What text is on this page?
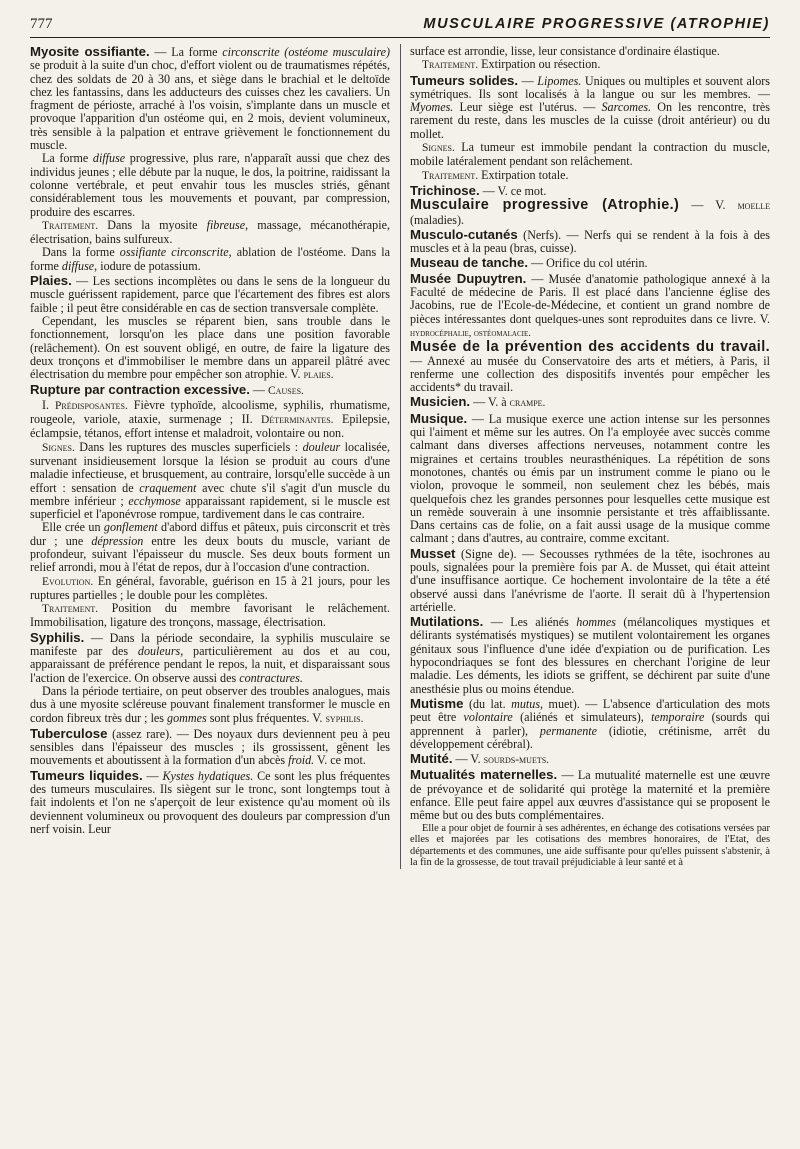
777	MUSCULAIRE PROGRESSIVE (ATROPHIE)

Myosite ossifiante. — La forme circonscrite (ostéome musculaire) se produit à la suite d'un choc, d'effort violent ou de traumatismes répétés, chez des soldats de 20 à 30 ans, et siège dans le brachial et le deltoïde chez les fantassins, dans les adducteurs des cuisses chez les cavaliers. Un fragment de périoste, arraché à l'os voisin, s'implante dans un muscle et provoque l'apparition d'un ostéome qui, en 2 mois, devient volumineux, très sensible à la palpation et entrave grièvement le fonctionnement du muscle.

La forme diffuse progressive, plus rare, n'apparaît aussi que chez des individus jeunes ; elle débute par la nuque, le dos, la poitrine, raidissant la colonne vertébrale, et peut envahir tous les muscles striés, gênant considérablement tous les mouvements et pouvant, par compression, produire des escarres.

Traitement. Dans la myosite fibreuse, massage, mécanothérapie, électrisation, bains sulfureux.

Dans la forme ossifiante circonscrite, ablation de l'ostéome. Dans la forme diffuse, iodure de potassium.

Plaies. — Les sections incomplètes ou dans le sens de la longueur du muscle guérissent rapidement, parce que l'écartement des fibres est alors faible ; il peut être considérable en cas de section transversale complète.

Cependant, les muscles se réparent bien, sans trouble dans le fonctionnement, lorsqu'on les place dans une position favorable (relâchement). On est souvent obligé, en outre, de faire la ligature des deux tronçons et d'immobiliser le membre dans un appareil plâtré avec électrisation du membre pour empêcher son atrophie. V. plaies.

Rupture par contraction excessive. — Causes.

I. Prédisposantes. Fièvre typhoïde, alcoolisme, syphilis, rhumatisme, rougeole, variole, ataxie, surmenage ; II. Déterminantes. Epilepsie, éclampsie, tétanos, effort intense et maladroit, volontaire ou non.

Signes. Dans les ruptures des muscles superficiels : douleur localisée, survenant insidieusement lorsque la lésion se produit au cours d'une maladie infectieuse, et brusquement, au contraire, lorsqu'elle succède à un effort : sensation de craquement avec chute s'il s'agit d'un muscle du membre inférieur ; ecchymose apparaissant rapidement, si le muscle est superficiel et l'aponévrose rompue, tardivement dans le cas contraire.

Elle crée un gonflement d'abord diffus et pâteux, puis circonscrit et très dur ; une dépression entre les deux bouts du muscle, variant de profondeur, suivant l'épaisseur du muscle. Ses deux bouts forment un relief arrondi, mou à l'état de repos, dur à l'occasion d'une contraction.

Evolution. En général, favorable, guérison en 15 à 21 jours, pour les ruptures partielles ; le double pour les complètes.

Traitement. Position du membre favorisant le relâchement. Immobilisation, ligature des tronçons, massage, électrisation.

Syphilis. — Dans la période secondaire, la syphilis musculaire se manifeste par des douleurs, particulièrement au dos et au cou, apparaissant de préférence pendant le repos, la nuit, et disparaissant sous l'action de l'exercice. On observe aussi des contractures.

Dans la période tertiaire, on peut observer des troubles analogues, mais dus à une myosite scléreuse pouvant finalement transformer le muscle en cordon fibreux très dur ; les gommes sont plus fréquentes. V. syphilis.

Tuberculose (assez rare). — Des noyaux durs deviennent peu à peu sensibles dans l'épaisseur des muscles ; ils grossissent, gênent les mouvements et aboutissent à la formation d'un abcès froid. V. ce mot.

Tumeurs liquides. — Kystes hydatiques. Ce sont les plus fréquentes des tumeurs musculaires. Ils siègent sur le tronc, sont longtemps tout à fait indolents et l'on ne s'aperçoit de leur existence qu'au moment où ils deviennent volumineux ou provoquent des douleurs par compression d'un nerf voisin. Leur

surface est arrondie, lisse, leur consistance d'ordinaire élastique.

Traitement. Extirpation ou résection.

Tumeurs solides. — Lipomes. Uniques ou multiples et souvent alors symétriques. Ils sont localisés à la langue ou sur les membres. — Myomes. Leur siège est l'utérus. — Sarcomes. On les rencontre, très rarement du reste, dans les muscles de la cuisse (droit antérieur) ou du mollet.

Signes. La tumeur est immobile pendant la contraction du muscle, mobile latéralement pendant son relâchement.

Traitement. Extirpation totale.

Trichinose. — V. ce mot.

Musculaire progressive (Atrophie.) — V. moelle (maladies).

Musculo-cutanés (Nerfs). — Nerfs qui se rendent à la fois à des muscles et à la peau (bras, cuisse).

Museau de tanche. — Orifice du col utérin.

Musée Dupuytren. — Musée d'anatomie pathologique annexé à la Faculté de médecine de Paris. Il est placé dans l'ancienne église des Jacobins, rue de l'Ecole-de-Médecine, et contient un grand nombre de pièces intéressantes dont quelques-unes sont reproduites dans ce livre. V. hydrocéphalie, ostéomalacie.

Musée de la prévention des accidents du travail. — Annexé au musée du Conservatoire des arts et métiers, à Paris, il renferme une collection des dispositifs inventés pour empêcher les accidents* du travail.

Musicien. — V. à crampe.

Musique. — La musique exerce une action intense sur les personnes qui l'aiment et même sur les autres. On l'a employée avec succès comme calmant dans diverses affections nerveuses, notamment contre les migraines et certains troubles neurasthéniques. La répétition de sons monotones, chantés ou émis par un instrument comme le piano ou le violon, provoque le sommeil, non seulement chez les bébés, mais quelquefois chez les grandes personnes pour lesquelles cette musique est un remède souverain à une insomnie persistante et très affaiblissante. Dans certains cas de folie, on a fait aussi usage de la musique comme calmant ; dans d'autres, au contraire, comme excitant.

Musset (Signe de). — Secousses rythmées de la tête, isochrones au pouls, signalées pour la première fois par A. de Musset, qui était atteint d'une insuffisance aortique. Ce hochement involontaire de la tête a été observé aussi dans l'anévrisme de l'aorte. Il serait dû à l'hypertension artérielle.

Mutilations. — Les aliénés hommes (mélancoliques mystiques et délirants systématisés mystiques) se mutilent volontairement les organes génitaux sous l'influence d'une idée d'expiation ou de purification. Les hypocondriaques se font des blessures en cherchant l'origine de leur maladie. Les déments, les idiots se griffent, se déchirent par suite d'une anesthésie plus ou moins étendue.

Mutisme (du lat. mutus, muet). — L'absence d'articulation des mots peut être volontaire (aliénés et simulateurs), temporaire (sourds qui apprennent à parler), permanente (idiotie, crétinisme, arrêt du développement cérébral).

Mutité. — V. sourds-muets.

Mutualités maternelles. — La mutualité maternelle est une œuvre de prévoyance et de solidarité qui protège la maternité et la première enfance. Elle peut faire appel aux œuvres d'assistance qui se proposent le même but ou des buts complémentaires.

Elle a pour objet de fournir à ses adhérentes, en échange des cotisations versées par elles et majorées par les cotisations des membres honoraires, de l'Etat, des départements et des communes, une aide suffisante pour qu'elles puissent s'abstenir, à la fin de la grossesse, de tout travail préjudiciable à leur santé et à
